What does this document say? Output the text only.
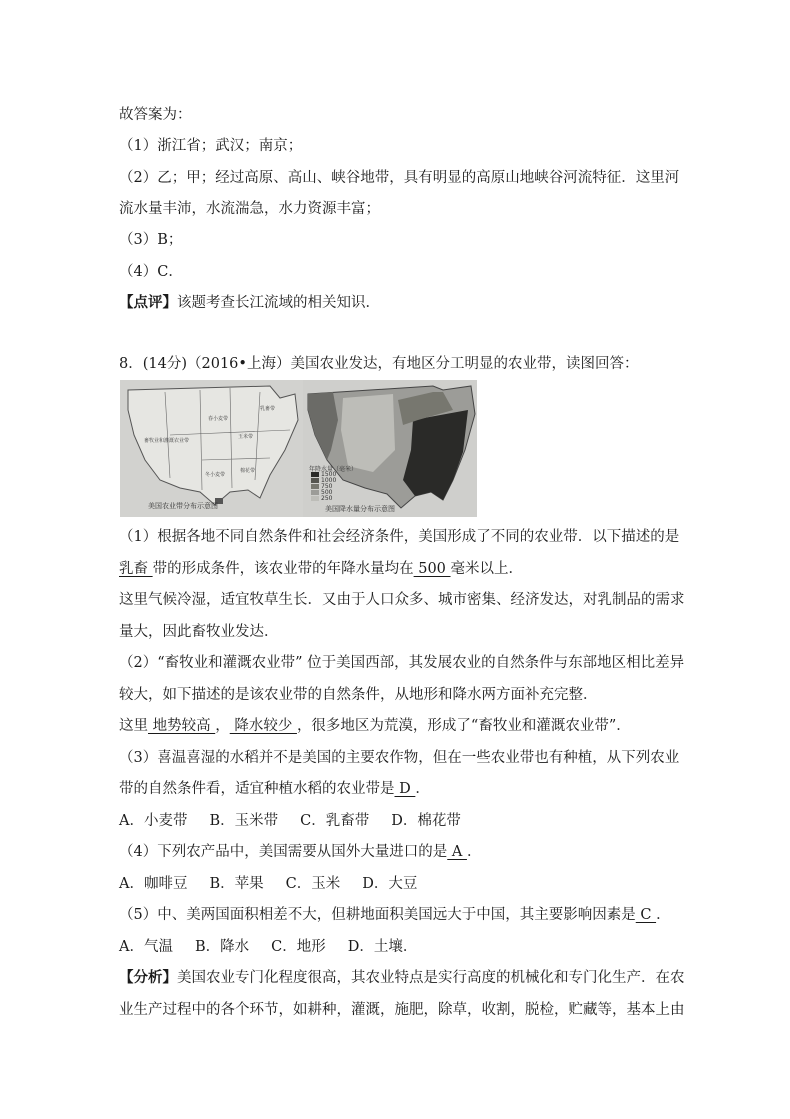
故答案为：
（1）浙江省；武汉；南京；
（2）乙；甲；经过高原、高山、峡谷地带，具有明显的高原山地峡谷河流特征．这里河
流水量丰沛，水流湍急，水力资源丰富；
（3）B；
（4）C．
【点评】该题考查长江流域的相关知识．
8．(14分)（2016•上海）美国农业发达，有地区分工明显的农业带，读图回答：
畜牧业和灌溉农业带
春小麦带
玉米带
乳畜带
棉花带
冬小麦带
美国农业带分布示意图
年降水量（毫米）
1500
1000
750
500
250
美国降水量分布示意图
（1）根据各地不同自然条件和社会经济条件，美国形成了不同的农业带．以下描述的是
乳畜 带的形成条件，该农业带的年降水量均在 500 毫米以上．
这里气候冷湿，适宜牧草生长．又由于人口众多、城市密集、经济发达，对乳制品的需求
量大，因此畜牧业发达．
（2）“畜牧业和灌溉农业带” 位于美国西部，其发展农业的自然条件与东部地区相比差异
较大，如下描述的是该农业带的自然条件，从地形和降水两方面补充完整．
这里 地势较高 ， 降水较少 ，很多地区为荒漠，形成了“畜牧业和灌溉农业带”．
（3）喜温喜湿的水稻并不是美国的主要农作物，但在一些农业带也有种植，从下列农业
带的自然条件看，适宜种植水稻的农业带是 D ．
A．小麦带 B．玉米带 C．乳畜带 D．棉花带
（4）下列农产品中，美国需要从国外大量进口的是 A ．
A．咖啡豆 B．苹果 C．玉米 D．大豆
（5）中、美两国面积相差不大，但耕地面积美国远大于中国，其主要影响因素是 C ．
A．气温 B．降水 C．地形 D．土壤．
【分析】美国农业专门化程度很高，其农业特点是实行高度的机械化和专门化生产．在农
业生产过程中的各个环节，如耕种，灌溉，施肥，除草，收割，脱检，贮藏等，基本上由
